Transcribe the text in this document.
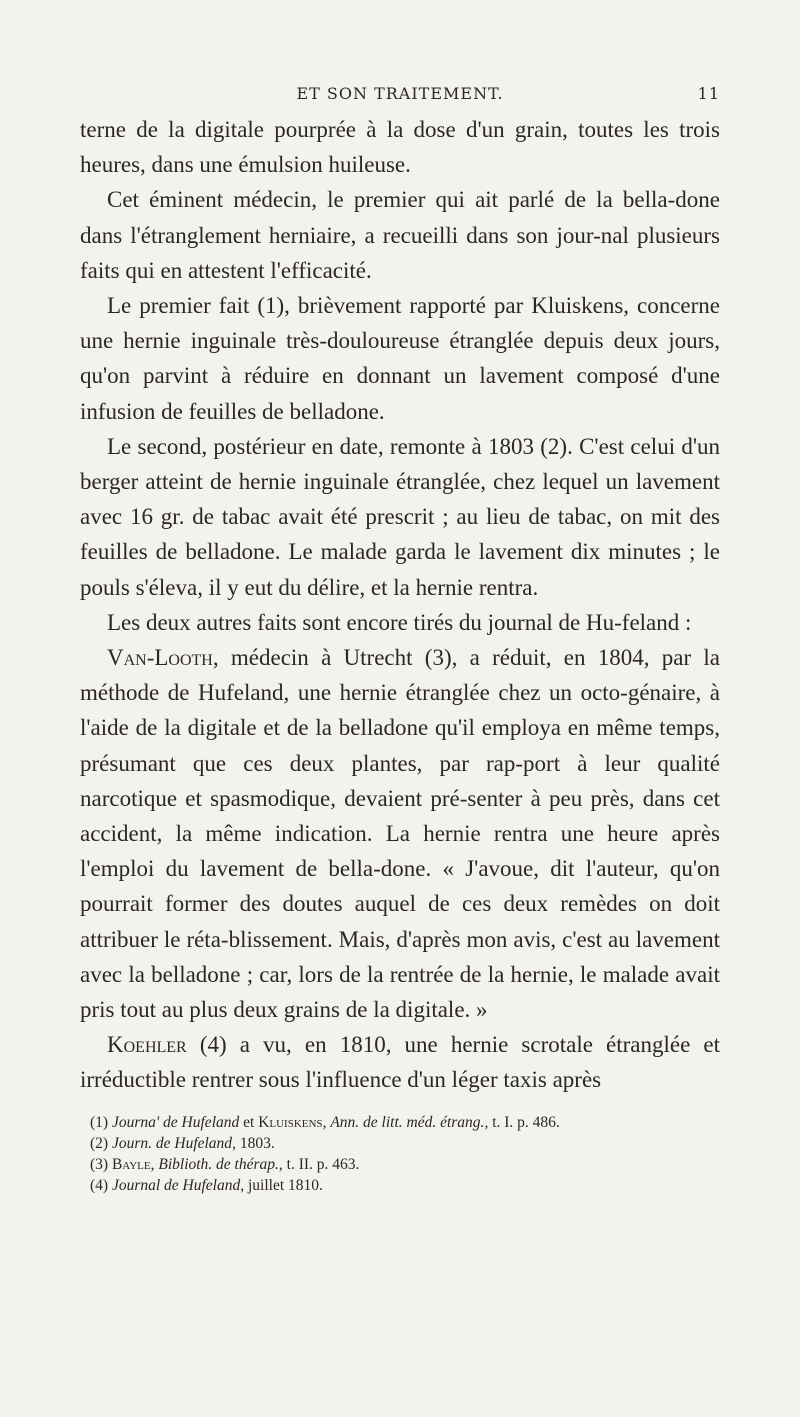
ET SON TRAITEMENT.	11

terne de la digitale pourprée à la dose d'un grain, toutes les trois heures, dans une émulsion huileuse.

Cet éminent médecin, le premier qui ait parlé de la bella-done dans l'étranglement herniaire, a recueilli dans son jour-nal plusieurs faits qui en attestent l'efficacité.

Le premier fait (1), brièvement rapporté par Kluiskens, concerne une hernie inguinale très-douloureuse étranglée depuis deux jours, qu'on parvint à réduire en donnant un lavement composé d'une infusion de feuilles de belladone.

Le second, postérieur en date, remonte à 1803 (2). C'est celui d'un berger atteint de hernie inguinale étranglée, chez lequel un lavement avec 16 gr. de tabac avait été prescrit ; au lieu de tabac, on mit des feuilles de belladone. Le malade garda le lavement dix minutes ; le pouls s'éleva, il y eut du délire, et la hernie rentra.

Les deux autres faits sont encore tirés du journal de Hu-feland :

Van-Looth, médecin à Utrecht (3), a réduit, en 1804, par la méthode de Hufeland, une hernie étranglée chez un octo-génaire, à l'aide de la digitale et de la belladone qu'il employa en même temps, présumant que ces deux plantes, par rap-port à leur qualité narcotique et spasmodique, devaient pré-senter à peu près, dans cet accident, la même indication. La hernie rentra une heure après l'emploi du lavement de bella-done. « J'avoue, dit l'auteur, qu'on pourrait former des doutes auquel de ces deux remèdes on doit attribuer le réta-blissement. Mais, d'après mon avis, c'est au lavement avec la belladone ; car, lors de la rentrée de la hernie, le malade avait pris tout au plus deux grains de la digitale. »

Koehler (4) a vu, en 1810, une hernie scrotale étranglée et irréductible rentrer sous l'influence d'un léger taxis après

(1) Journa' de Hufeland et Kluiskens, Ann. de litt. méd. étrang., t. I. p. 486.
(2) Journ. de Hufeland, 1803.
(3) Bayle, Biblioth. de thérap., t. II. p. 463.
(4) Journal de Hufeland, juillet 1810.
